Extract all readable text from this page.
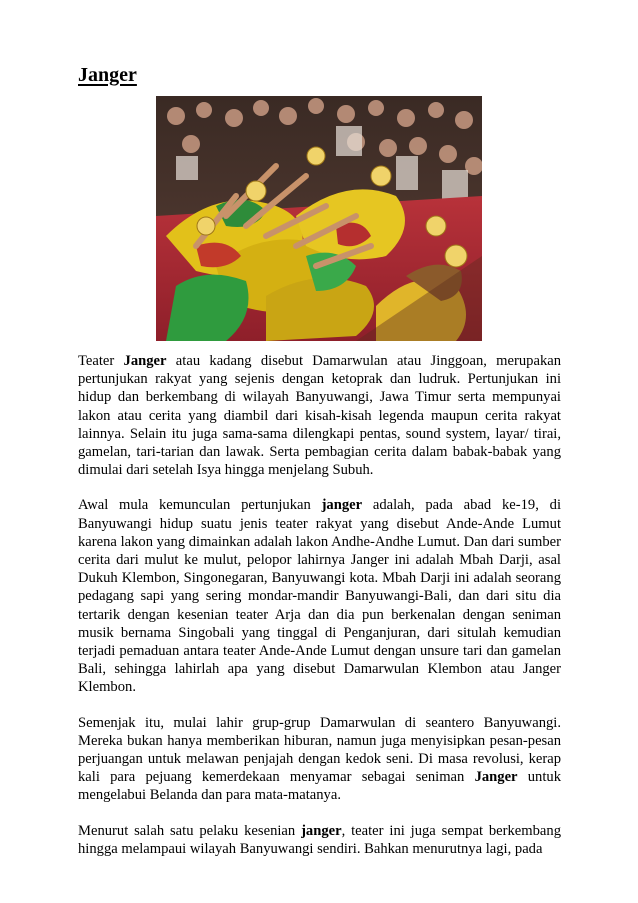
Janger

Teater Janger atau kadang disebut Damarwulan atau Jinggoan, merupakan pertunjukan rakyat yang sejenis dengan ketoprak dan ludruk. Pertunjukan ini hidup dan berkembang di wilayah Banyuwangi, Jawa Timur serta mempunyai lakon atau cerita yang diambil dari kisah-kisah legenda maupun cerita rakyat lainnya. Selain itu juga sama-sama dilengkapi pentas, sound system, layar/ tirai, gamelan, tari-tarian dan lawak. Serta pembagian cerita dalam babak-babak yang dimulai dari setelah Isya hingga menjelang Subuh.

Awal mula kemunculan pertunjukan janger adalah, pada abad ke-19, di Banyuwangi hidup suatu jenis teater rakyat yang disebut Ande-Ande Lumut karena lakon yang dimainkan adalah lakon Andhe-Andhe Lumut. Dan dari sumber cerita dari mulut ke mulut, pelopor lahirnya Janger ini adalah Mbah Darji, asal Dukuh Klembon, Singonegaran, Banyuwangi kota. Mbah Darji ini adalah seorang pedagang sapi yang sering mondar-mandir Banyuwangi-Bali, dan dari situ dia tertarik dengan kesenian teater Arja dan dia pun berkenalan dengan seniman musik bernama Singobali yang tinggal di Penganjuran, dari situlah kemudian terjadi pemaduan antara teater Ande-Ande Lumut dengan unsure tari dan gamelan Bali, sehingga lahirlah apa yang disebut Damarwulan Klembon atau Janger Klembon.

Semenjak itu, mulai lahir grup-grup Damarwulan di seantero Banyuwangi. Mereka bukan hanya memberikan hiburan, namun juga menyisipkan pesan-pesan perjuangan untuk melawan penjajah dengan kedok seni. Di masa revolusi, kerap kali para pejuang kemerdekaan menyamar sebagai seniman Janger untuk mengelabui Belanda dan para mata-matanya.

Menurut salah satu pelaku kesenian janger, teater ini juga sempat berkembang hingga melampaui wilayah Banyuwangi sendiri. Bahkan menurutnya lagi, pada
